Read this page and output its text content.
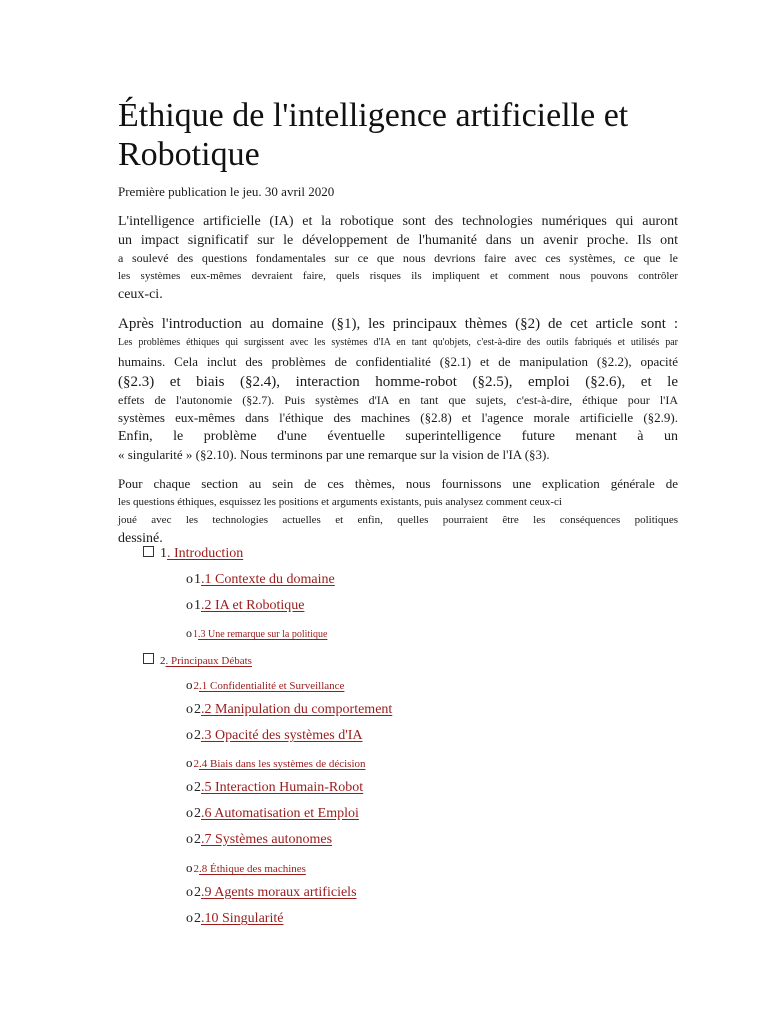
Éthique de l'intelligence artificielle et
Robotique
Première publication le jeu. 30 avril 2020
L'intelligence artificielle (IA) et la robotique sont des technologies numériques qui auront
un impact significatif sur le développement de l'humanité dans un avenir proche. Ils ont
a soulevé des questions fondamentales sur ce que nous devrions faire avec ces systèmes, ce que le
les systèmes eux-mêmes devraient faire, quels risques ils impliquent et comment nous pouvons contrôler
ceux-ci.
Après l'introduction au domaine (§1), les principaux thèmes (§2) de cet article sont :
Les problèmes éthiques qui surgissent avec les systèmes d'IA en tant qu'objets, c'est-à-dire des outils fabriqués et utilisés par
humains. Cela inclut des problèmes de confidentialité (§2.1) et de manipulation (§2.2), opacité
(§2.3) et biais (§2.4), interaction homme-robot (§2.5), emploi (§2.6), et le
effets de l'autonomie (§2.7). Puis systèmes d'IA en tant que sujets, c'est-à-dire, éthique pour l'IA
systèmes eux-mêmes dans l'éthique des machines (§2.8) et l'agence morale artificielle (§2.9).
Enfin, le problème d'une éventuelle superintelligence future menant à un
« singularité » (§2.10). Nous terminons par une remarque sur la vision de l'IA (§3).
Pour chaque section au sein de ces thèmes, nous fournissons une explication générale de
les questions éthiques, esquissez les positions et arguments existants, puis analysez comment ceux-ci
joué avec les technologies actuelles et enfin, quelles pourraient être les conséquences politiques
dessiné.
1 . Introduction
o 1 .1 Contexte du domaine
o 1 .2 IA et Robotique
o 1 .3 Une remarque sur la politique
2 . Principaux Débats
o 2 .1 Confidentialité et Surveillance
o 2 .2 Manipulation du comportement
o 2 .3 Opacité des systèmes d'IA
o 2 .4 Biais dans les systèmes de décision
o 2 .5 Interaction Humain-Robot
o 2 .6 Automatisation et Emploi
o 2 .7 Systèmes autonomes
o 2 .8 Éthique des machines
o 2 .9 Agents moraux artificiels
o 2 .10 Singularité
